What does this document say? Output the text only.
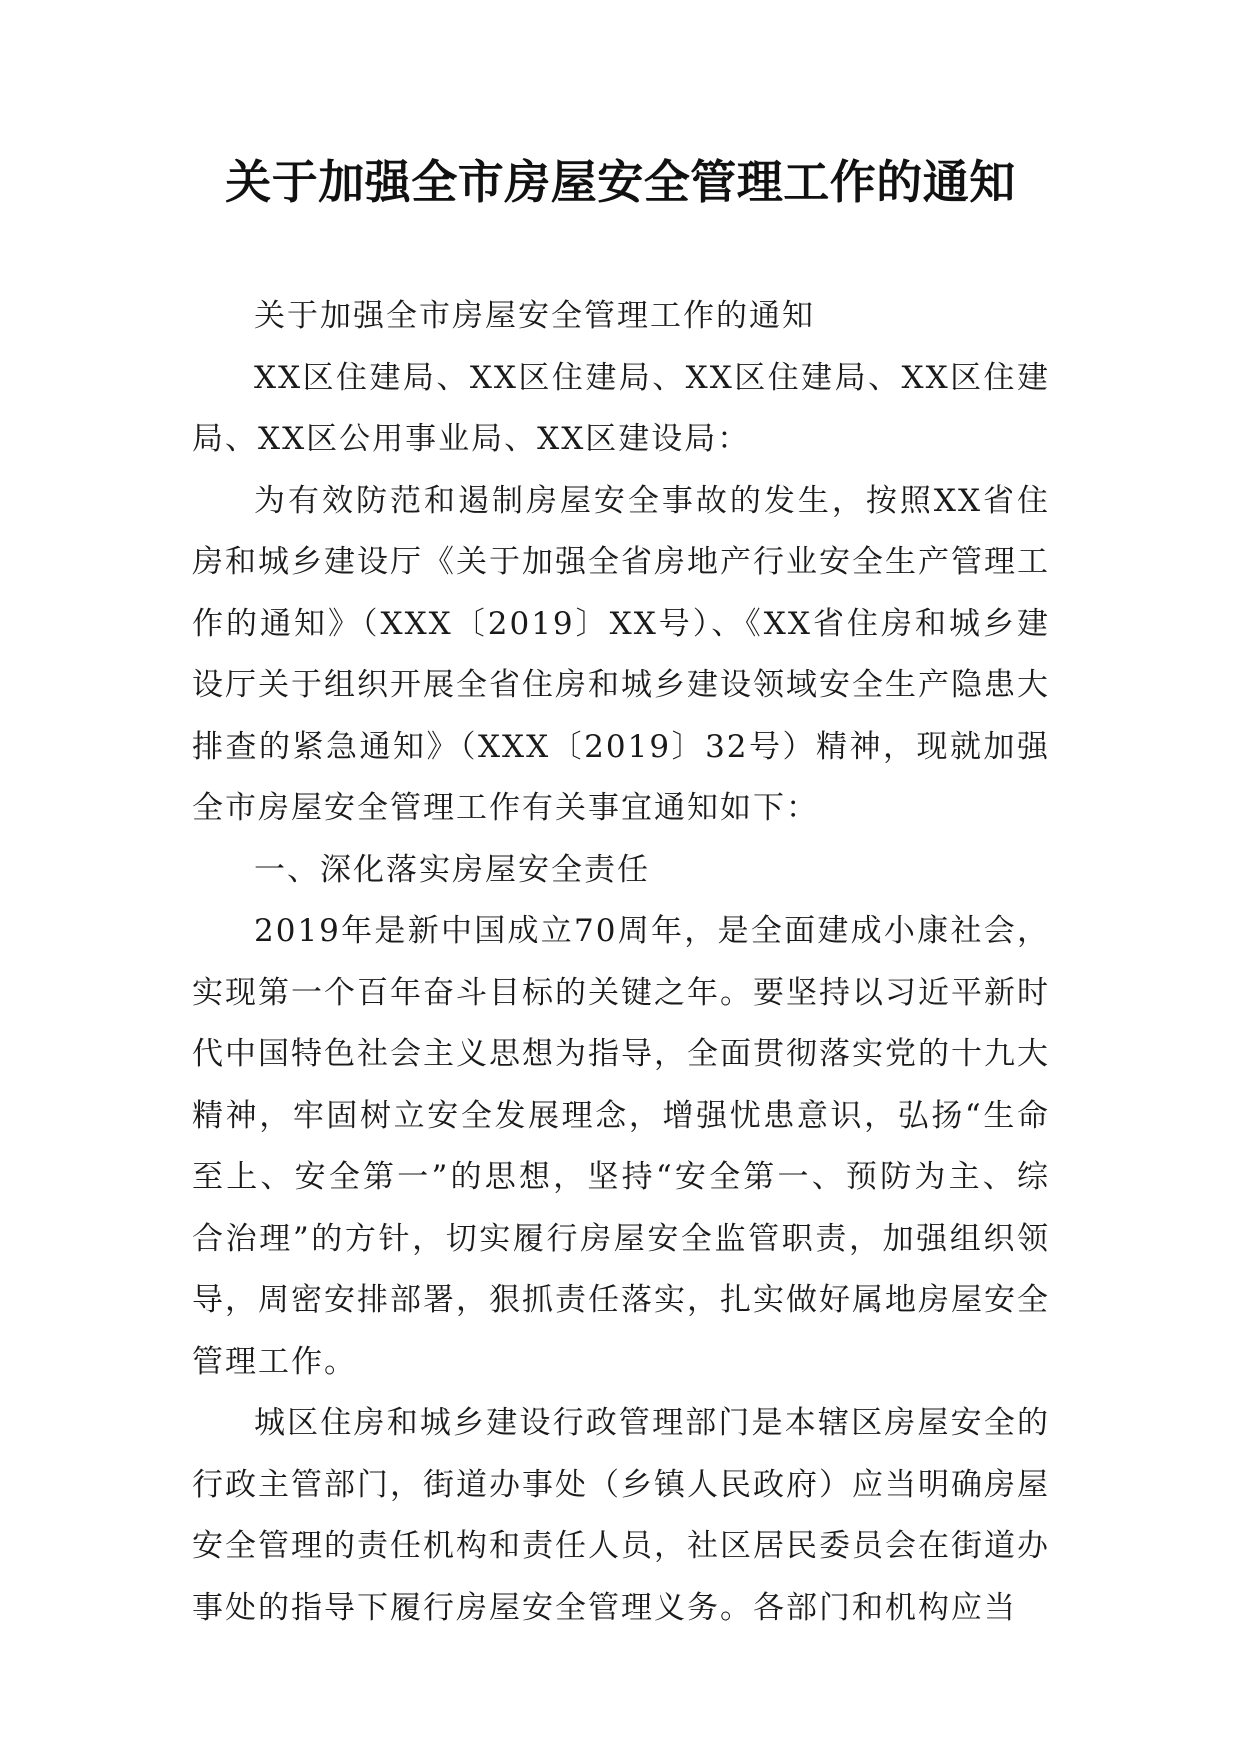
关于加强全市房屋安全管理工作的通知

关于加强全市房屋安全管理工作的通知

XX区住建局、XX区住建局、XX区住建局、XX区住建局、XX区公用事业局、XX区建设局：

为有效防范和遏制房屋安全事故的发生，按照XX省住房和城乡建设厅《关于加强全省房地产行业安全生产管理工作的通知》（XXX〔2019〕XX号）、《XX省住房和城乡建设厅关于组织开展全省住房和城乡建设领域安全生产隐患大排查的紧急通知》（XXX〔2019〕32号）精神，现就加强全市房屋安全管理工作有关事宜通知如下：

一、深化落实房屋安全责任

2019年是新中国成立70周年，是全面建成小康社会，实现第一个百年奋斗目标的关键之年。要坚持以习近平新时代中国特色社会主义思想为指导，全面贯彻落实党的十九大精神，牢固树立安全发展理念，增强忧患意识，弘扬“生命至上、安全第一”的思想，坚持“安全第一、预防为主、综合治理”的方针，切实履行房屋安全监管职责，加强组织领导，周密安排部署，狠抓责任落实，扎实做好属地房屋安全管理工作。

城区住房和城乡建设行政管理部门是本辖区房屋安全的行政主管部门，街道办事处（乡镇人民政府）应当明确房屋安全管理的责任机构和责任人员，社区居民委员会在街道办事处的指导下履行房屋安全管理义务。各部门和机构应当
